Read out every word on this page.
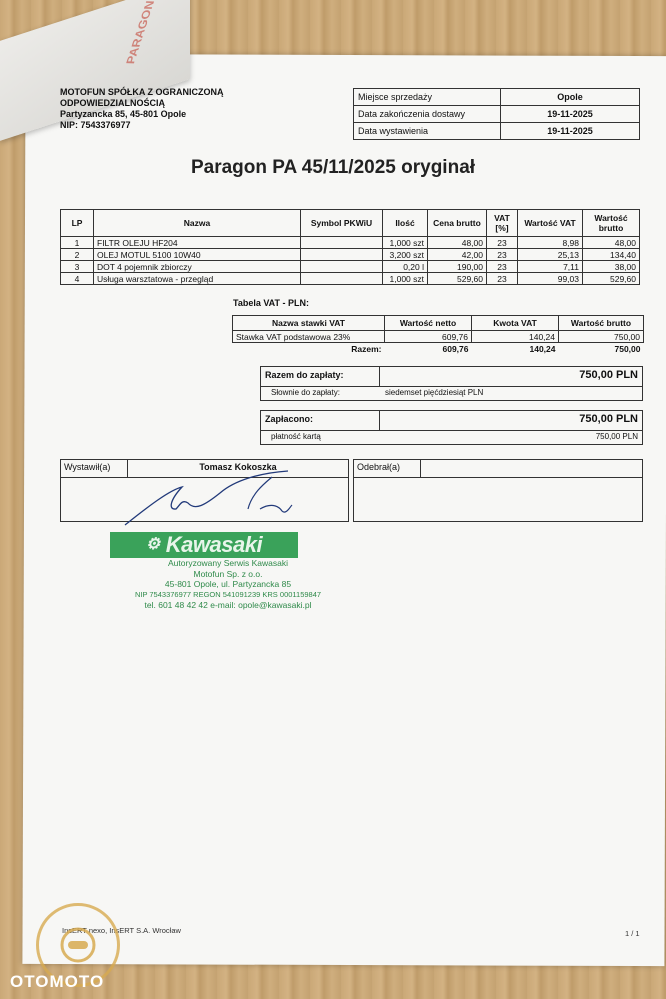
PARAGON
MOTOFUN SPÓŁKA Z OGRANICZONĄ
ODPOWIEDZIALNOŚCIĄ
Partyzancka 85, 45-801 Opole
NIP: 7543376977
Miejsce sprzedaży	Opole
Data zakończenia dostawy	19-11-2025
Data wystawienia	19-11-2025
Paragon PA 45/11/2025 oryginał
LP	Nazwa	Symbol PKWiU	Ilość	Cena brutto	VAT [%]	Wartość VAT	Wartość brutto
1	FILTR OLEJU HF204		1,000 szt	48,00	23	8,98	48,00
2	OLEJ MOTUL 5100 10W40		3,200 szt	42,00	23	25,13	134,40
3	DOT 4 pojemnik zbiorczy		0,20 l	190,00	23	7,11	38,00
4	Usługa warsztatowa - przegląd		1,000 szt	529,60	23	99,03	529,60
Tabela VAT - PLN:
Nazwa stawki VAT	Wartość netto	Kwota VAT	Wartość brutto
Stawka VAT podstawowa 23%	609,76	140,24	750,00
Razem:	609,76	140,24	750,00
Razem do zapłaty:	750,00 PLN
Słownie do zapłaty:	siedemset pięćdziesiąt PLN
Zapłacono:	750,00 PLN
płatność kartą	750,00 PLN
Wystawił(a)	Tomasz Kokoszka	Odebrał(a)
⚙ Kawasaki
Autoryzowany Serwis Kawasaki
Motofun Sp. z o.o.
45-801 Opole, ul. Partyzancka 85
NIP 7543376977 REGON 541091239 KRS 0001159847
tel. 601 48 42 42 e-mail: opole@kawasaki.pl
InsERT nexo, InsERT S.A. Wrocław	1 / 1
OTOMOTO
